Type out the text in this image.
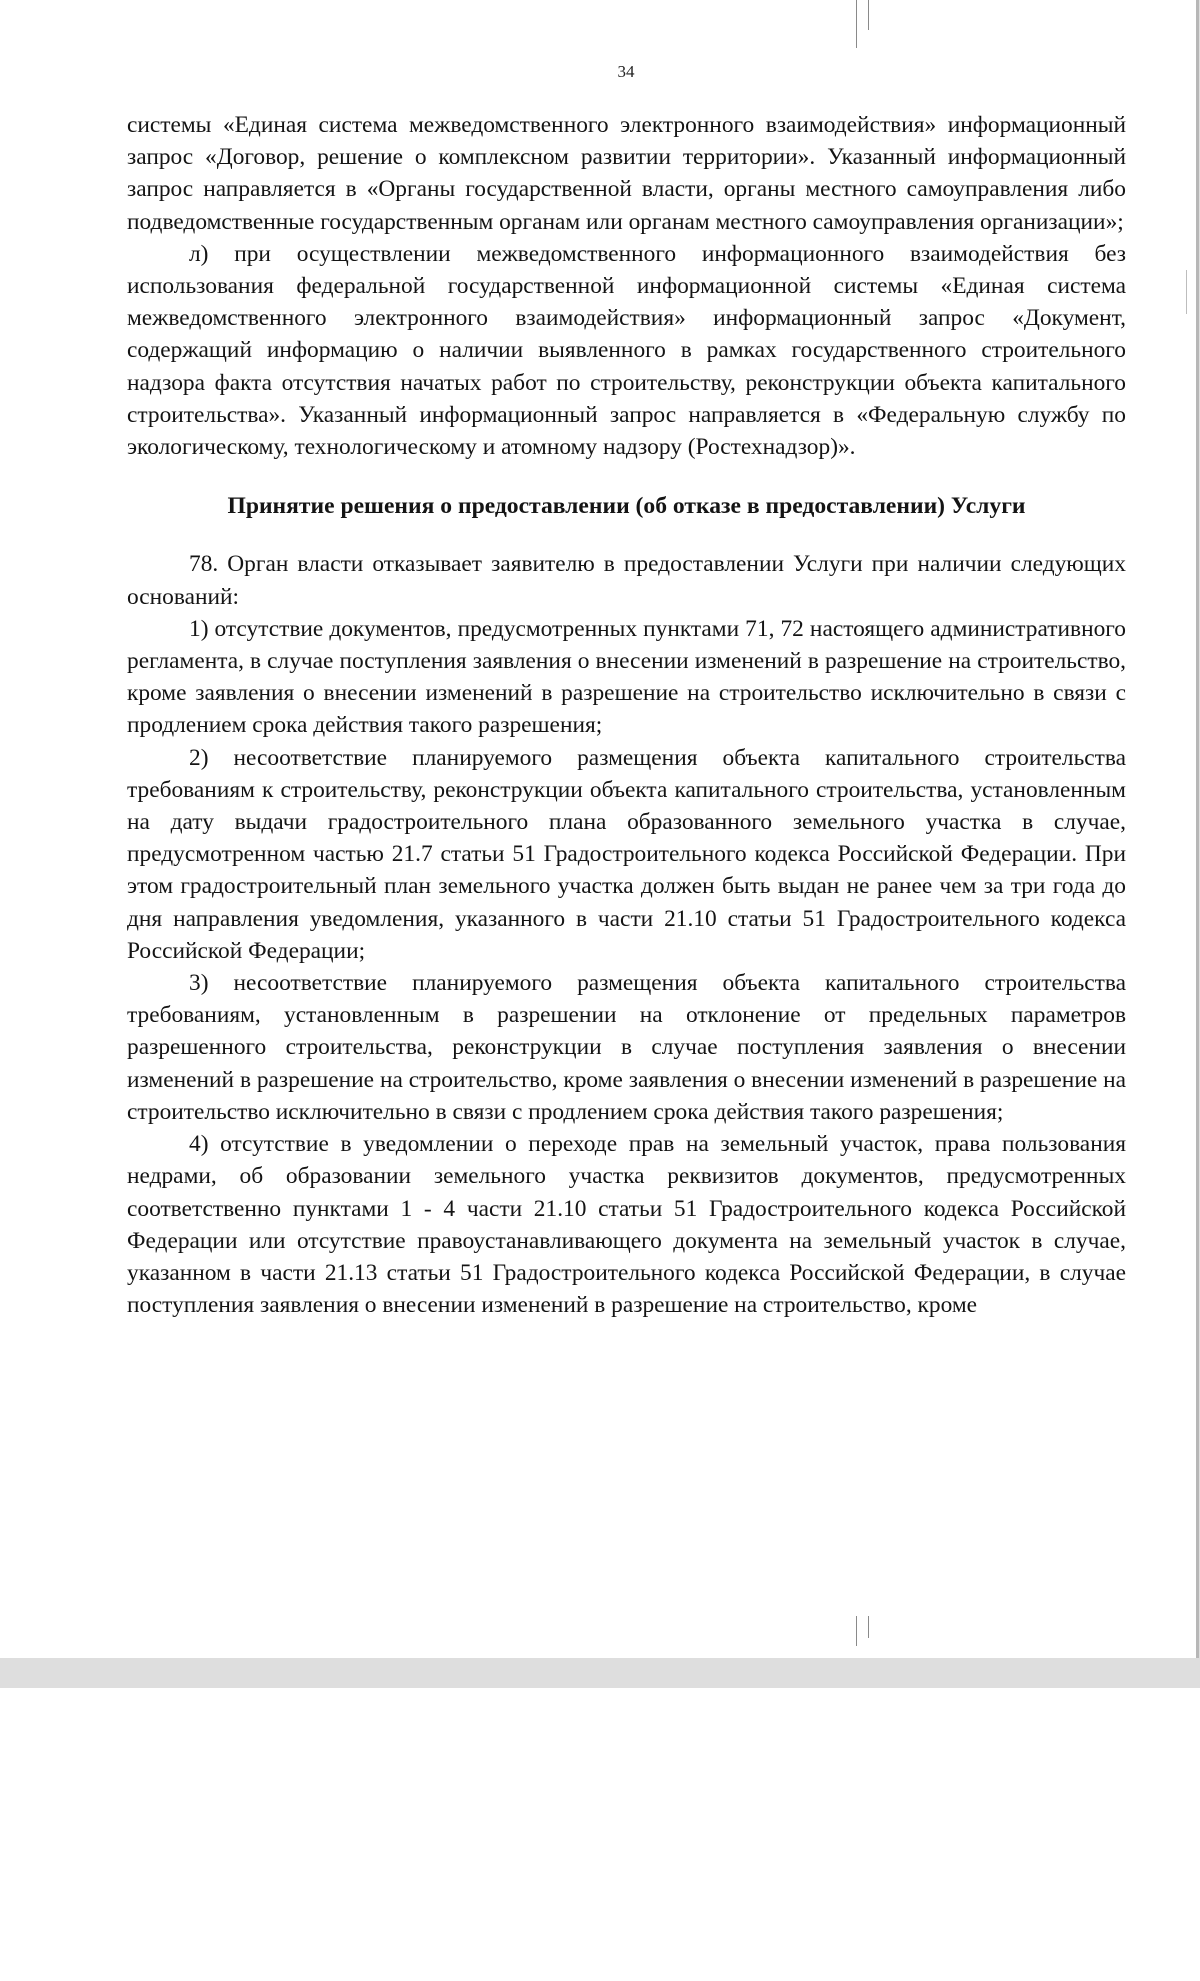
34

системы «Единая система межведомственного электронного взаимодействия» информационный запрос «Договор, решение о комплексном развитии территории». Указанный информационный запрос направляется в «Органы государственной власти, органы местного самоуправления либо подведомственные государственным органам или органам местного самоуправления организации»;

л) при осуществлении межведомственного информационного взаимодействия без использования федеральной государственной информационной системы «Единая система межведомственного электронного взаимодействия» информационный запрос «Документ, содержащий информацию о наличии выявленного в рамках государственного строительного надзора факта отсутствия начатых работ по строительству, реконструкции объекта капитального строительства». Указанный информационный запрос направляется в «Федеральную службу по экологическому, технологическому и атомному надзору (Ростехнадзор)».

Принятие решения о предоставлении (об отказе в предоставлении) Услуги

78. Орган власти отказывает заявителю в предоставлении Услуги при наличии следующих оснований:

1) отсутствие документов, предусмотренных пунктами 71, 72 настоящего административного регламента, в случае поступления заявления о внесении изменений в разрешение на строительство, кроме заявления о внесении изменений в разрешение на строительство исключительно в связи с продлением срока действия такого разрешения;

2) несоответствие планируемого размещения объекта капитального строительства требованиям к строительству, реконструкции объекта капитального строительства, установленным на дату выдачи градостроительного плана образованного земельного участка в случае, предусмотренном частью 21.7 статьи 51 Градостроительного кодекса Российской Федерации. При этом градостроительный план земельного участка должен быть выдан не ранее чем за три года до дня направления уведомления, указанного в части 21.10 статьи 51 Градостроительного кодекса Российской Федерации;

3) несоответствие планируемого размещения объекта капитального строительства требованиям, установленным в разрешении на отклонение от предельных параметров разрешенного строительства, реконструкции в случае поступления заявления о внесении изменений в разрешение на строительство, кроме заявления о внесении изменений в разрешение на строительство исключительно в связи с продлением срока действия такого разрешения;

4) отсутствие в уведомлении о переходе прав на земельный участок, права пользования недрами, об образовании земельного участка реквизитов документов, предусмотренных соответственно пунктами 1 - 4 части 21.10 статьи 51 Градостроительного кодекса Российской Федерации или отсутствие правоустанавливающего документа на земельный участок в случае, указанном в части 21.13 статьи 51 Градостроительного кодекса Российской Федерации, в случае поступления заявления о внесении изменений в разрешение на строительство, кроме
